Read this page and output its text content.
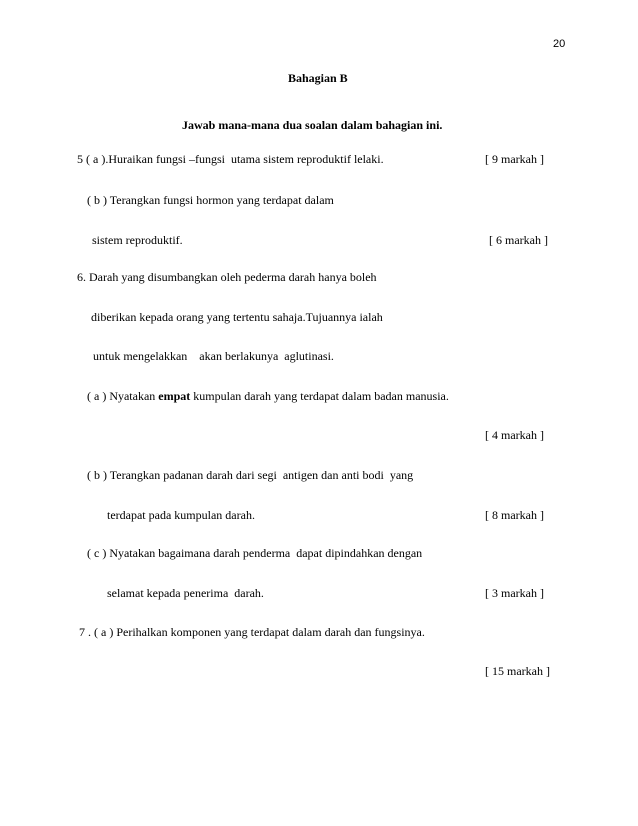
20
Bahagian B
Jawab mana-mana dua soalan dalam bahagian ini.
5 ( a ).Huraikan fungsi –fungsi  utama sistem reproduktif lelaki.	[ 9 markah ]
( b ) Terangkan fungsi hormon yang terdapat dalam
sistem reproduktif.	[ 6 markah ]
6. Darah yang disumbangkan oleh pederma darah hanya boleh
diberikan kepada orang yang tertentu sahaja.Tujuannya ialah
untuk mengelakkan    akan berlakunya  aglutinasi.
( a ) Nyatakan empat kumpulan darah yang terdapat dalam badan manusia.
[ 4 markah ]
( b ) Terangkan padanan darah dari segi  antigen dan anti bodi  yang
terdapat pada kumpulan darah.	[ 8 markah ]
( c ) Nyatakan bagaimana darah penderma  dapat dipindahkan dengan
selamat kepada penerima  darah.	[ 3 markah ]
7 . ( a ) Perihalkan komponen yang terdapat dalam darah dan fungsinya.
[ 15 markah ]
